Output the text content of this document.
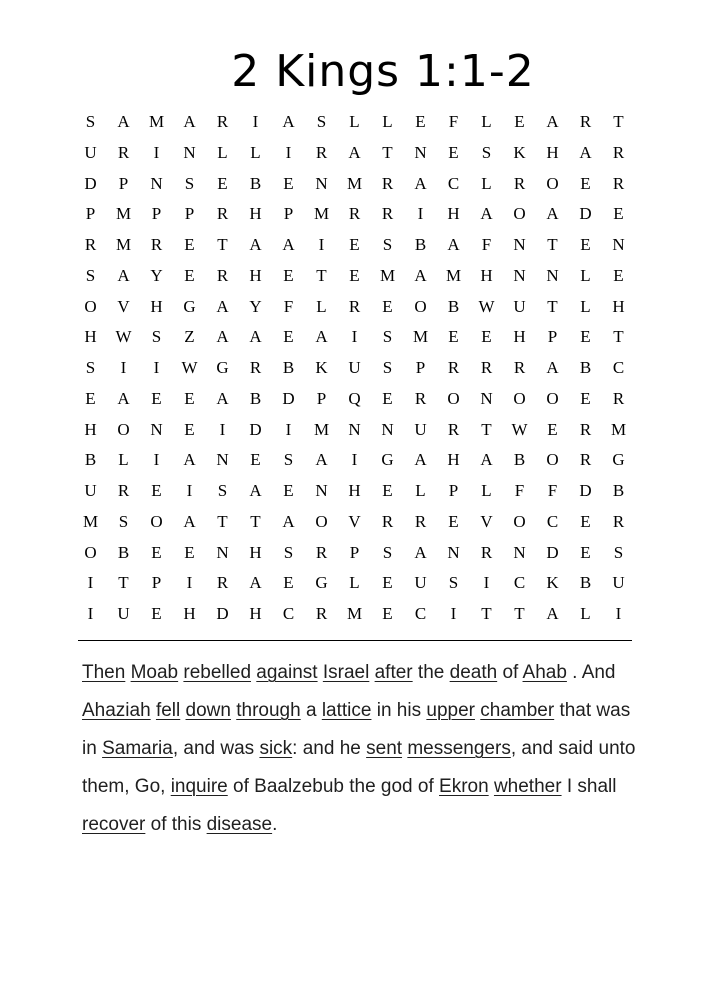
2 Kings 1:1-2
S	A	M	A	R	I	A	S	L	L	E	F	L	E	A	R	T
U	R	I	N	L	L	I	R	A	T	N	E	S	K	H	A	R
D	P	N	S	E	B	E	N	M	R	A	C	L	R	O	E	R
P	M	P	P	R	H	P	M	R	R	I	H	A	O	A	D	E
R	M	R	E	T	A	A	I	E	S	B	A	F	N	T	E	N
S	A	Y	E	R	H	E	T	E	M	A	M	H	N	N	L	E
O	V	H	G	A	Y	F	L	R	E	O	B	W	U	T	L	H
H	W	S	Z	A	A	E	A	I	S	M	E	E	H	P	E	T
S	I	I	W	G	R	B	K	U	S	P	R	R	R	A	B	C
E	A	E	E	A	B	D	P	Q	E	R	O	N	O	O	E	R
H	O	N	E	I	D	I	M	N	N	U	R	T	W	E	R	M
B	L	I	A	N	E	S	A	I	G	A	H	A	B	O	R	G
U	R	E	I	S	A	E	N	H	E	L	P	L	F	F	D	B
M	S	O	A	T	T	A	O	V	R	R	E	V	O	C	E	R
O	B	E	E	N	H	S	R	P	S	A	N	R	N	D	E	S
I	T	P	I	R	A	E	G	L	E	U	S	I	C	K	B	U
I	U	E	H	D	H	C	R	M	E	C	I	T	T	A	L	I

Then Moab rebelled against Israel after the death of Ahab . And Ahaziah fell down through a lattice in his upper chamber that was in Samaria, and was sick: and he sent messengers, and said unto them, Go, inquire of Baalzebub the god of Ekron whether I shall recover of this disease.
